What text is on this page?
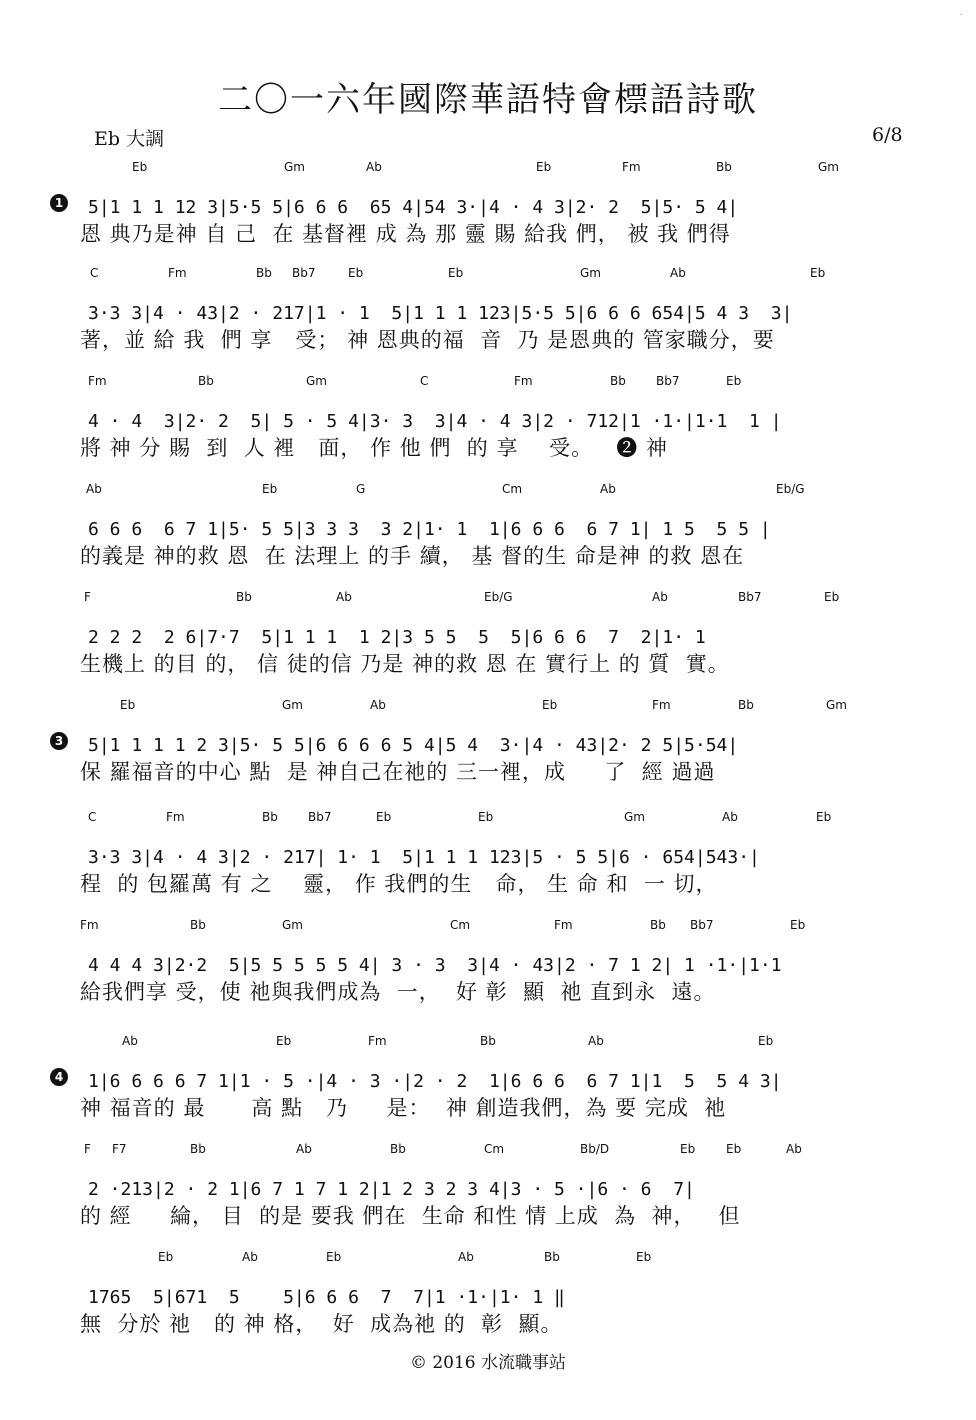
·
二〇一六年國際華語特會標語詩歌
Eb 大調	6/8
1
Eb	Gm	Ab	Eb	Fm	Bb	Gm
5|1 1 1 12 3|5·5 5|6 6 6  65 4|54 3·|4 · 4 3|2· 2  5|5· 5 4|
恩 典乃是神 自 己  在 基督裡 成 為 那 靈 賜 給我 們， 被 我 們得
C	Fm	Bb Bb7	Eb	Eb	Gm	Ab	Eb
3·3 3|4 · 43|2 · 217|1 · 1  5|1 1 1 123|5·5 5|6 6 6 654|5 4 3  3|
著，並 給 我  們 享   受； 神 恩典的福  音  乃 是恩典的 管家職分，要
Fm	Bb	Gm	C	Fm	Bb	Bb7	Eb
4 · 4  3|2· 2  5| 5 · 5 4|3· 3  3|4 · 4 3|2 · 712|1 ·1·|1·1  1 |
將 神 分 賜  到  人 裡   面， 作 他 們  的 享    受。   ❷ 神
Ab	Eb	G	Cm	Ab	Eb/G
6 6 6  6 7 1|5· 5 5|3 3 3  3 2|1· 1  1|6 6 6  6 7 1| 1 5  5 5 |
的義是 神的救 恩  在 法理上 的手 續， 基 督的生 命是神 的救 恩在
F	Bb	Ab	Eb/G	Ab	Bb7	Eb
2 2 2  2 6|7·7  5|1 1 1  1 2|3 5 5  5  5|6 6 6  7  2|1· 1
生機上 的目 的， 信 徒的信 乃是 神的救 恩 在 實行上 的 質  實。
3
Eb	Gm	Ab	Eb	Fm	Bb	Gm
5|1 1 1 1 2 3|5· 5 5|6 6 6 6 5 4|5 4  3·|4 · 43|2· 2 5|5·54|
保 羅福音的中心 點  是 神自己在祂的 三一裡，成     了  經 過過
C	Fm	Bb	Bb7	Eb	Eb	Gm	Ab	Eb
3·3 3|4 · 4 3|2 · 217| 1· 1  5|1 1 1 123|5 · 5 5|6 · 654|543·|
程  的 包羅萬 有 之    靈， 作 我們的生   命， 生 命 和  一 切，
Fm	Bb	Gm	Cm	Fm	Bb Bb7	Eb
4 4 4 3|2·2  5|5 5 5 5 5 4| 3 · 3  3|4 · 43|2 · 7 1 2| 1 ·1·|1·1
給我們享 受，使 祂與我們成為  一，  好 彰  顯  祂 直到永  遠。
4
Ab	Eb	Fm	Bb	Ab	Eb
1|6 6 6 6 7 1|1 · 5 ·|4 · 3 ·|2 · 2  1|6 6 6  6 7 1|1  5  5 4 3|
神 福音的 最      高 點   乃     是：  神 創造我們，為 要 完成  祂
F F7	Bb	Ab	Bb	Cm	Bb/D	Eb	Eb	Ab
2 ·213|2 · 2 1|6 7 1 7 1 2|1 2 3 2 3 4|3 · 5 ·|6 · 6  7|
的 經     綸， 目  的是 要我 們在  生命 和性 情 上成  為  神，   但
Eb	Ab	Eb	Ab	Bb	Eb
1765  5|671  5    5|6 6 6  7  7|1 ·1·|1· 1 ‖
無  分於 祂   的 神 格，  好  成為祂 的  彰  顯。
© 2016 水流職事站
